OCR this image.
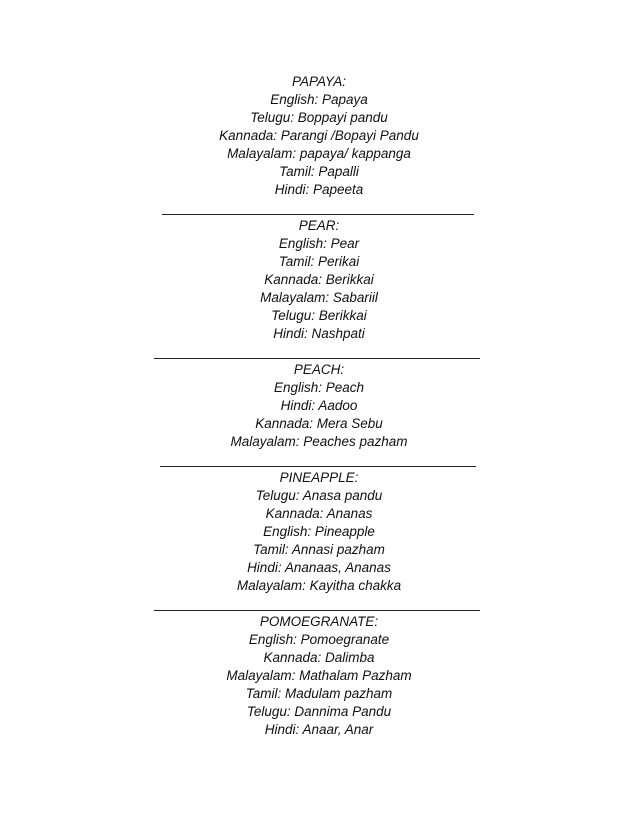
PAPAYA:
English: Papaya
Telugu: Boppayi pandu
Kannada: Parangi /Bopayi Pandu
Malayalam: papaya/ kappanga
Tamil: Papalli
Hindi: Papeeta
PEAR:
English: Pear
Tamil: Perikai
Kannada: Berikkai
Malayalam: Sabariil
Telugu: Berikkai
Hindi: Nashpati
PEACH:
English: Peach
Hindi: Aadoo
Kannada: Mera Sebu
Malayalam: Peaches pazham
PINEAPPLE:
Telugu: Anasa pandu
Kannada: Ananas
English: Pineapple
Tamil: Annasi pazham
Hindi: Ananaas, Ananas
Malayalam: Kayitha chakka
POMOEGRANATE:
English: Pomoegranate
Kannada: Dalimba
Malayalam: Mathalam Pazham
Tamil: Madulam pazham
Telugu: Dannima Pandu
Hindi: Anaar, Anar
